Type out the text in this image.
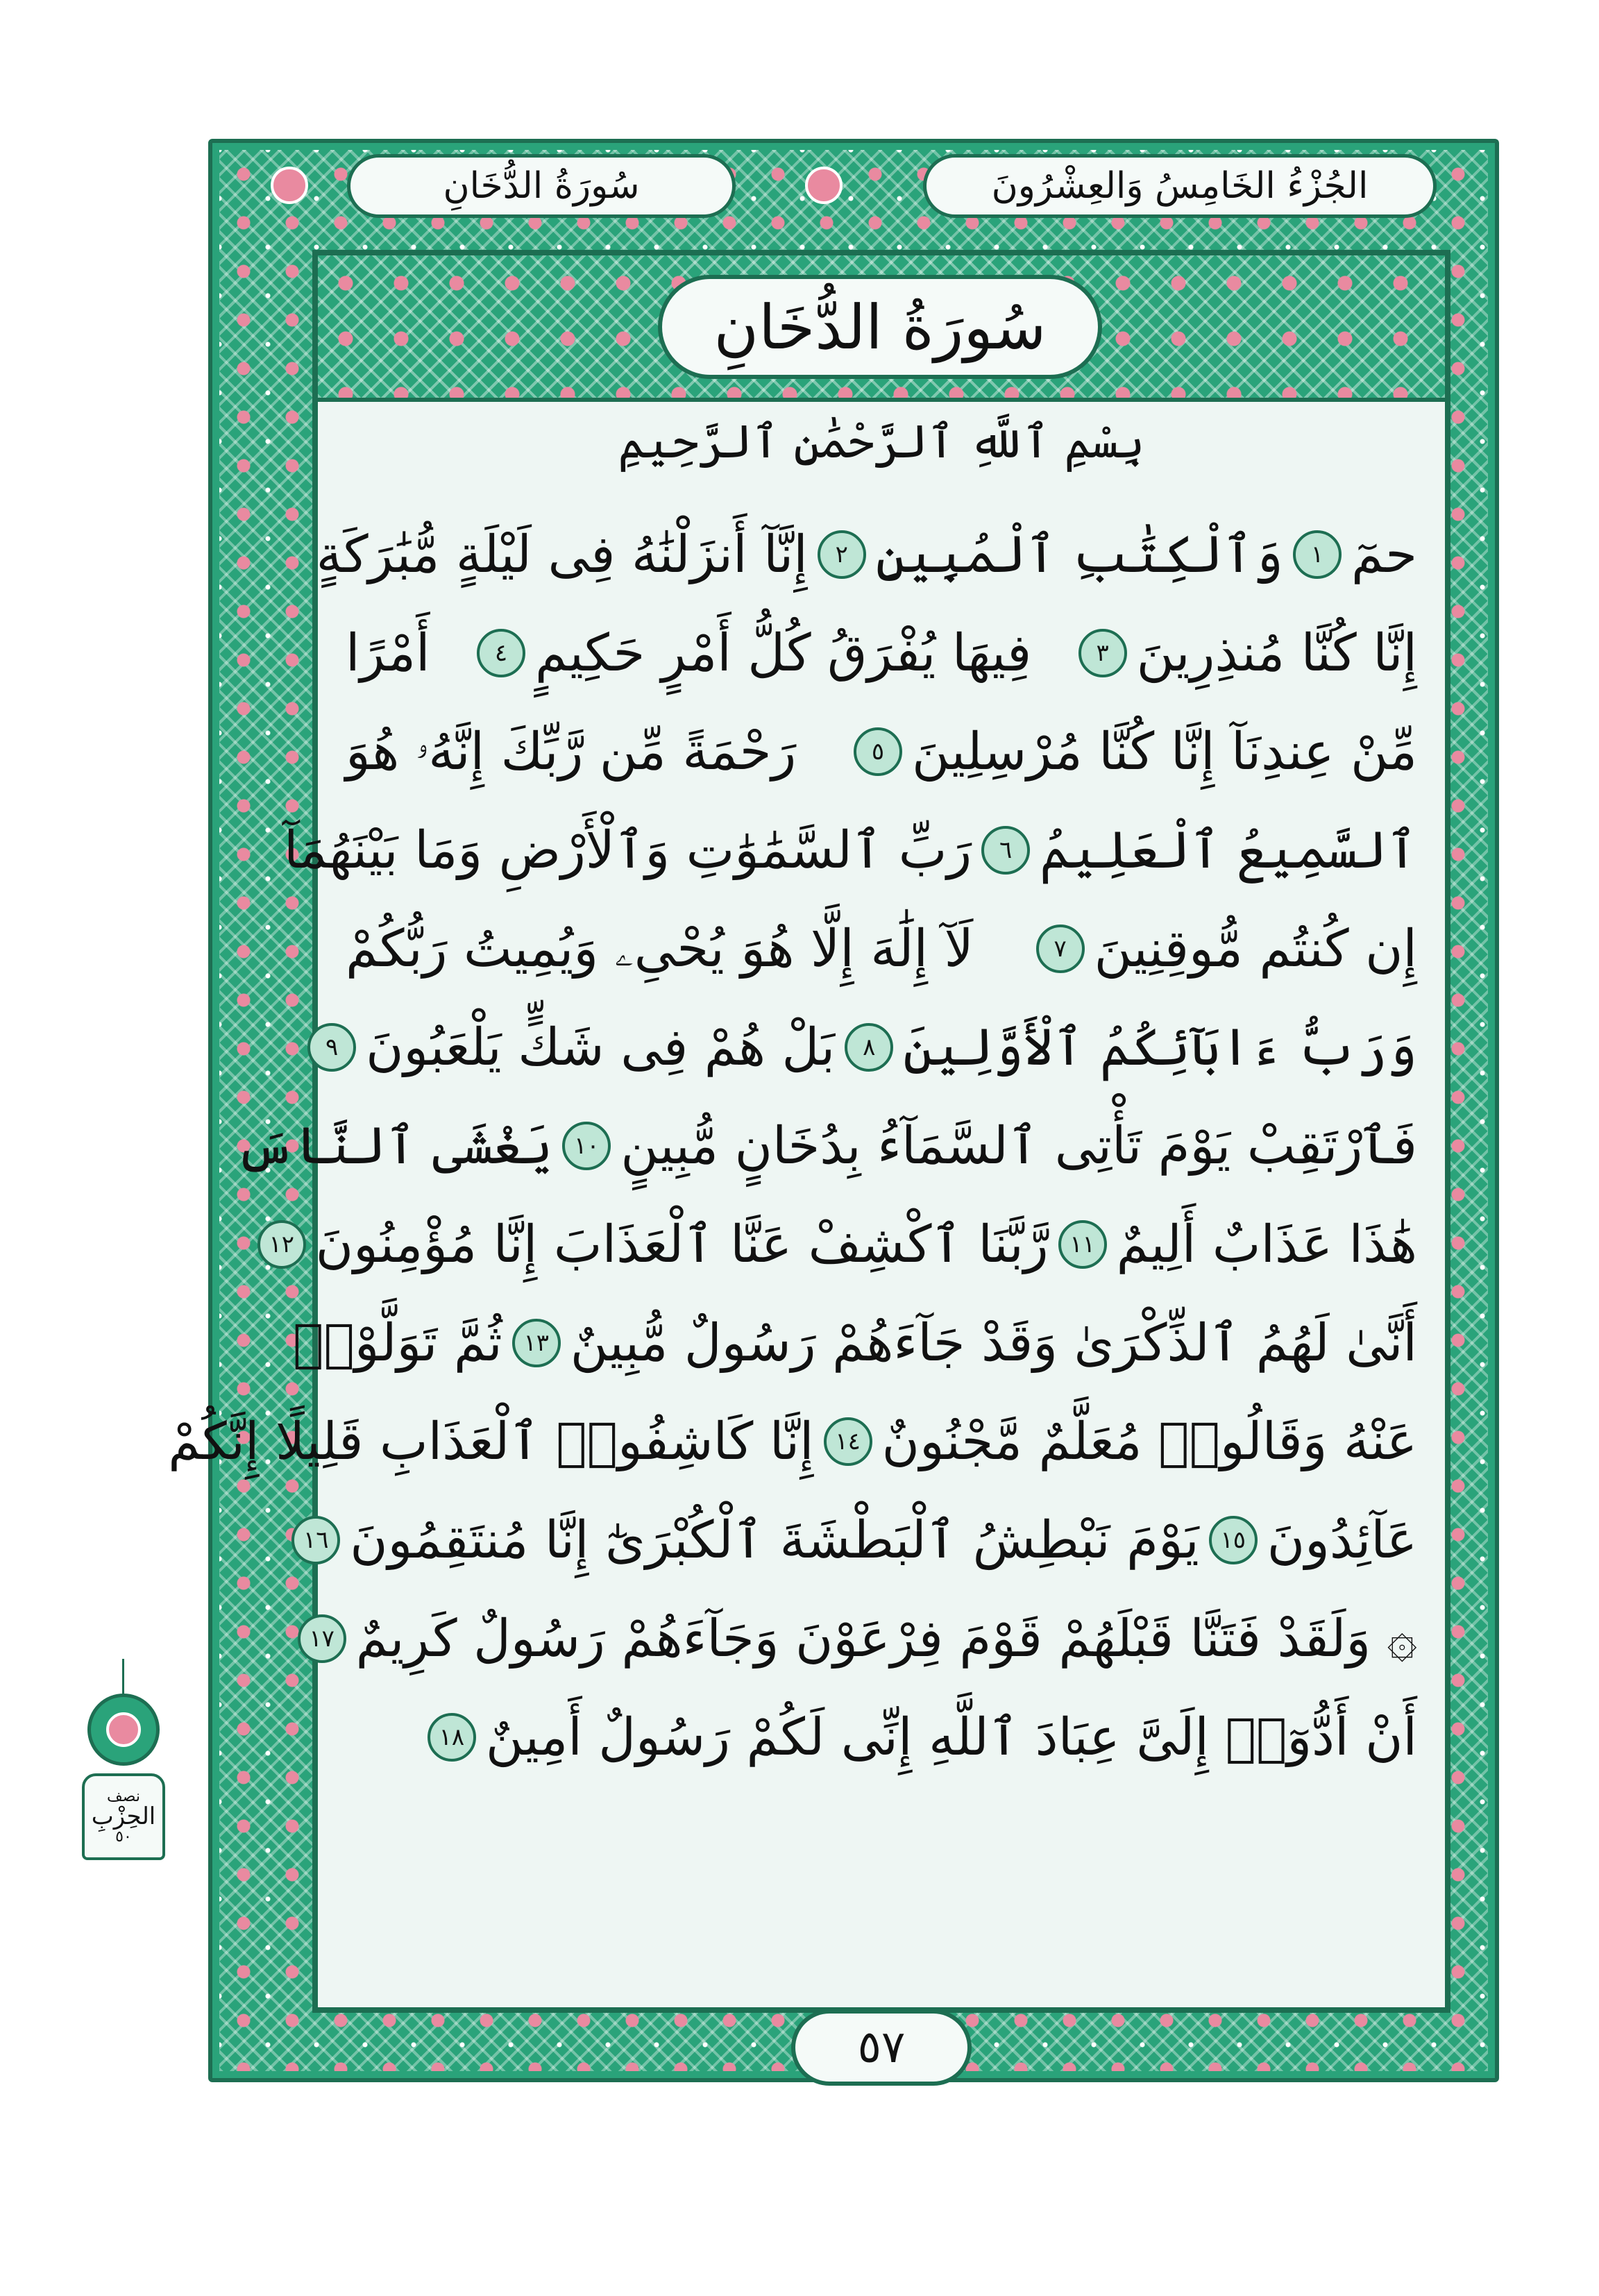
سُورَةُ الدُّخَانِ	الجُزْءُ الخَامِسُ وَالعِشْرُونَ
سُورَةُ الدُّخَانِ
بِسْمِ ٱللَّهِ ٱلرَّحْمَٰنِ ٱلرَّحِيمِ
حمٓ
١
وَٱلْكِتَٰبِ ٱلْمُبِينِ
٢
إِنَّآ أَنزَلْنَٰهُ فِى لَيْلَةٍ مُّبَٰرَكَةٍ
إِنَّا كُنَّا مُنذِرِينَ
٣
فِيهَا يُفْرَقُ كُلُّ أَمْرٍ حَكِيمٍ
٤
أَمْرًا
مِّنْ عِندِنَآ إِنَّا كُنَّا مُرْسِلِينَ
٥
رَحْمَةً مِّن رَّبِّكَ إِنَّهُۥ هُوَ
ٱلسَّمِيعُ ٱلْعَلِيمُ
٦
رَبِّ ٱلسَّمَٰوَٰتِ وَٱلْأَرْضِ وَمَا بَيْنَهُمَآ
إِن كُنتُم مُّوقِنِينَ
٧
لَآ إِلَٰهَ إِلَّا هُوَ يُحْىِۦ وَيُمِيتُ رَبُّكُمْ
وَرَبُّ ءَابَآئِكُمُ ٱلْأَوَّلِينَ
٨
بَلْ هُمْ فِى شَكٍّ يَلْعَبُونَ
٩
فَٱرْتَقِبْ يَوْمَ تَأْتِى ٱلسَّمَآءُ بِدُخَانٍ مُّبِينٍ
١٠
يَغْشَى ٱلنَّاسَ
هَٰذَا عَذَابٌ أَلِيمٌ
١١
رَّبَّنَا ٱكْشِفْ عَنَّا ٱلْعَذَابَ إِنَّا مُؤْمِنُونَ
١٢
أَنَّىٰ لَهُمُ ٱلذِّكْرَىٰ وَقَدْ جَآءَهُمْ رَسُولٌ مُّبِينٌ
١٣
ثُمَّ تَوَلَّوْا۟
عَنْهُ وَقَالُوا۟ مُعَلَّمٌ مَّجْنُونٌ
١٤
إِنَّا كَاشِفُوا۟ ٱلْعَذَابِ قَلِيلًا إِنَّكُمْ
عَآئِدُونَ
١٥
يَوْمَ نَبْطِشُ ٱلْبَطْشَةَ ٱلْكُبْرَىٰٓ إِنَّا مُنتَقِمُونَ
١٦
۞ وَلَقَدْ فَتَنَّا قَبْلَهُمْ قَوْمَ فِرْعَوْنَ وَجَآءَهُمْ رَسُولٌ كَرِيمٌ
١٧
أَنْ أَدُّوٓا۟ إِلَىَّ عِبَادَ ٱللَّهِ إِنِّى لَكُمْ رَسُولٌ أَمِينٌ
١٨
٥٧
نصف
الحِزْبِ
٥٠
